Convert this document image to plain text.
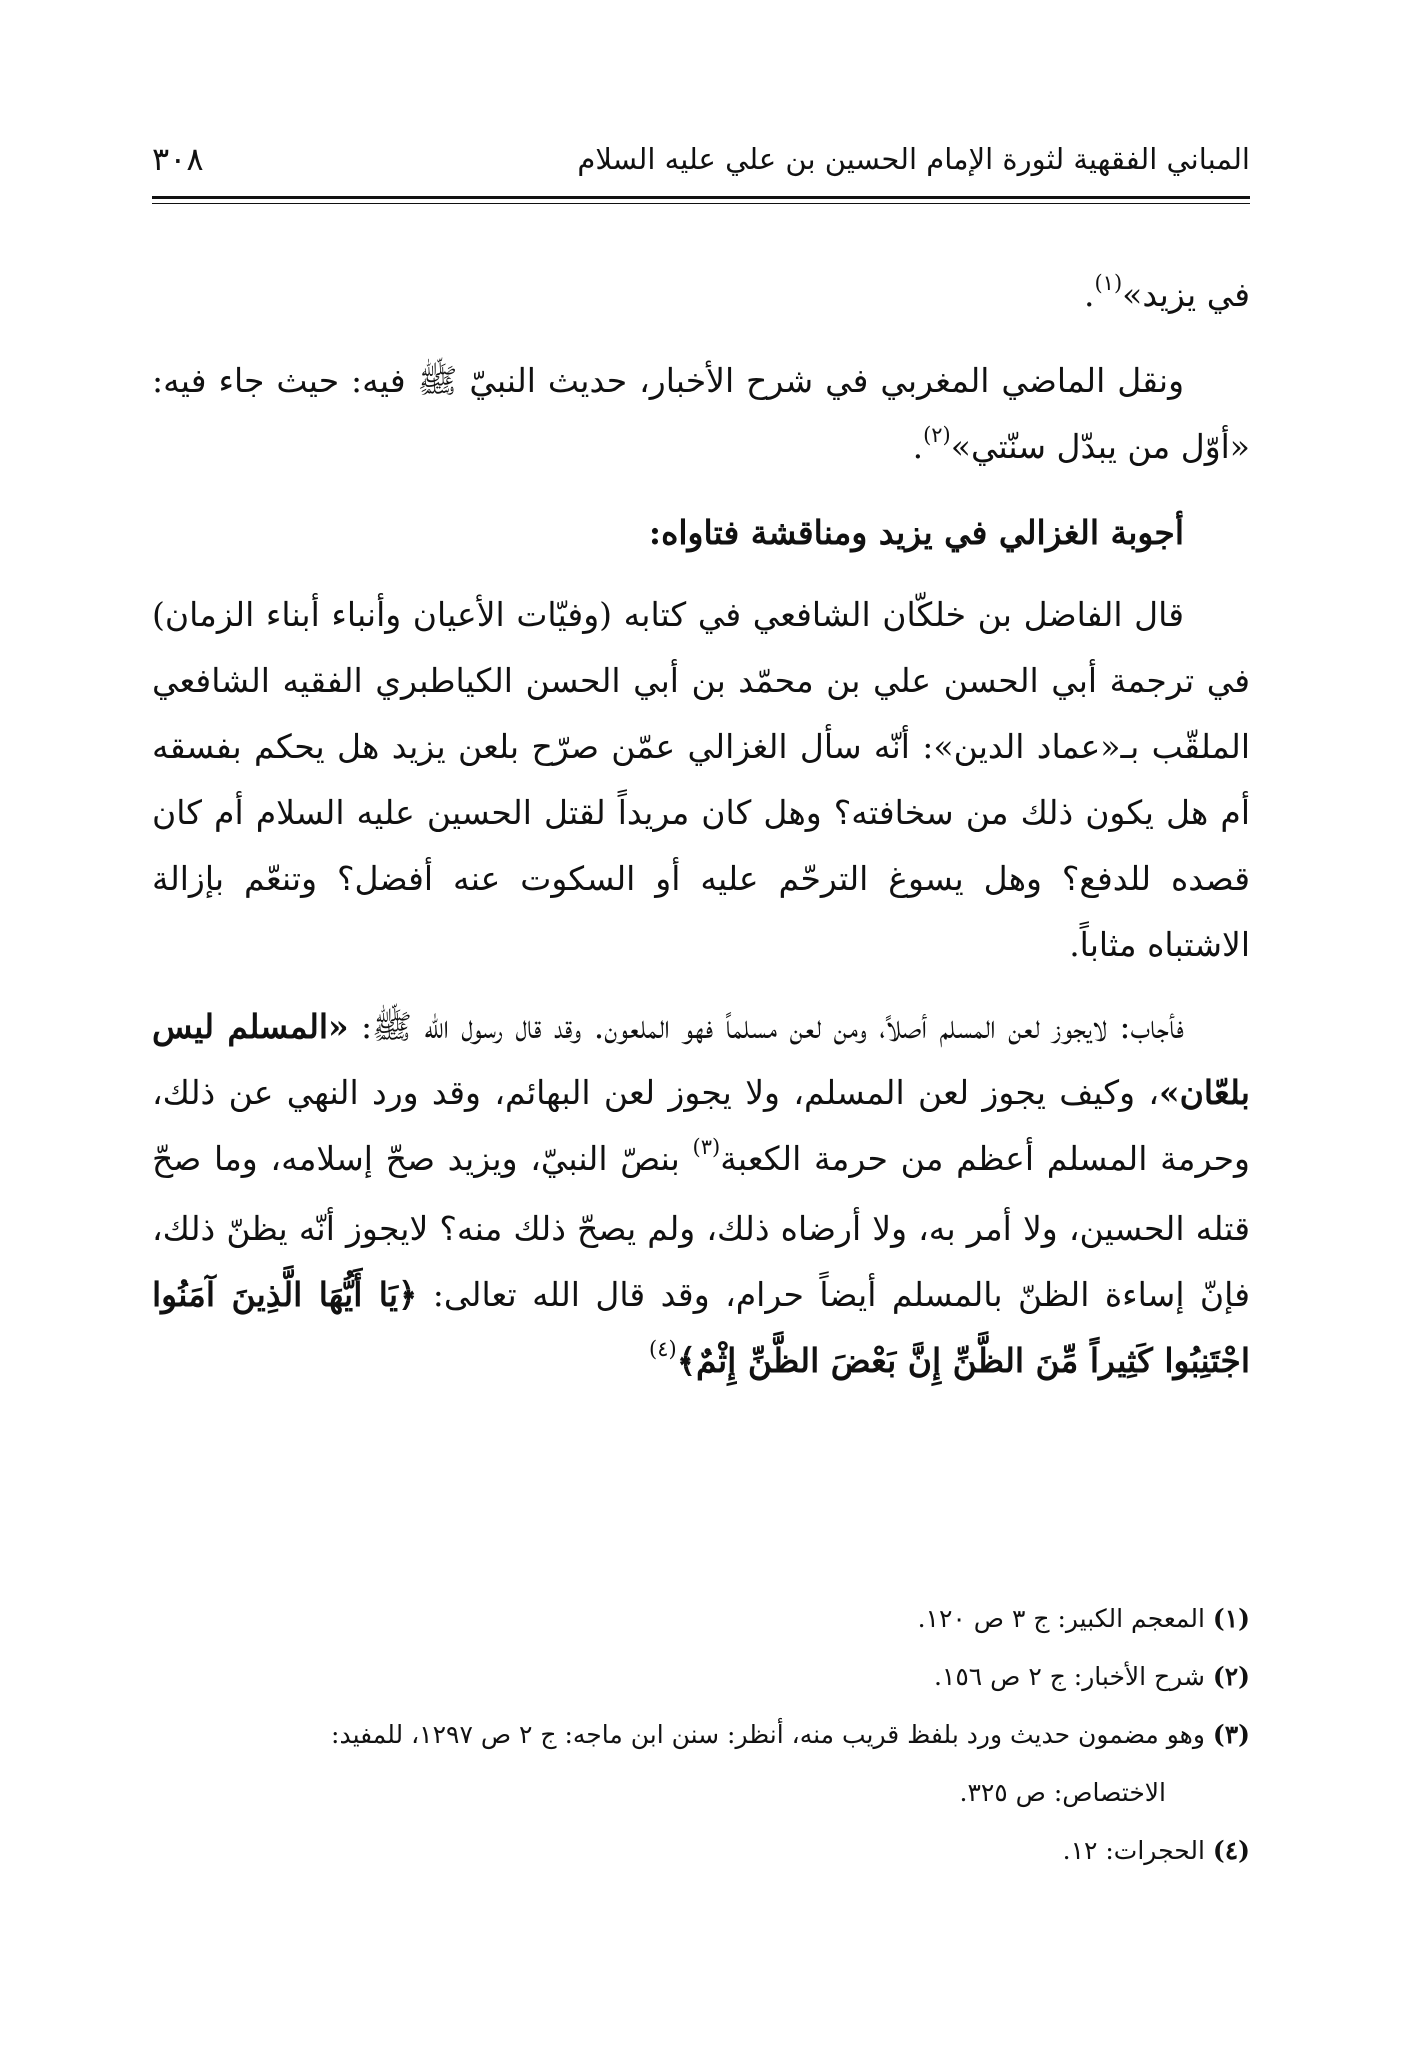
المباني الفقهية لثورة الإمام الحسين بن علي عليه السلام
٣٠٨

في يزيد»$^{(١)}$.

ونقل الماضي المغربي في شرح الأخبار، حديث النبيّ ﷺ فيه: حيث جاء فيه: «أوّل من يبدّل سنّتي»$^{(٢)}$.

أجوبة الغزالي في يزيد ومناقشة فتاواه:

قال الفاضل بن خلكّان الشافعي في كتابه (وفيّات الأعيان وأنباء أبناء الزمان) في ترجمة أبي الحسن علي بن محمّد بن أبي الحسن الكياطبري الفقيه الشافعي الملقّب بـ«عماد الدين»: أنّه سأل الغزالي عمّن صرّح بلعن يزيد هل يحكم بفسقه أم هل يكون ذلك من سخافته؟ وهل كان مريداً لقتل الحسين عليه السلام أم كان قصده للدفع؟ وهل يسوغ الترحّم عليه أو السكوت عنه أفضل؟ وتنعّم بإزالة الاشتباه مثاباً.

فأجاب: لايجوز لعن المسلم أصلاً، ومن لعن مسلماً فهو الملعون. وقد قال رسول الله ﷺ: «المسلم ليس بلعّان»، وكيف يجوز لعن المسلم، ولا يجوز لعن البهائم، وقد ورد النهي عن ذلك، وحرمة المسلم أعظم من حرمة الكعبة$^{(٣)}$ بنصّ النبيّ، ويزيد صحّ إسلامه، وما صحّ قتله الحسين، ولا أمر به، ولا أرضاه ذلك، ولم يصحّ ذلك منه؟ لايجوز أنّه يظنّ ذلك، فإنّ إساءة الظنّ بالمسلم أيضاً حرام، وقد قال الله تعالى: ﴿يَا أَيُّهَا الَّذِينَ آمَنُوا اجْتَنِبُوا كَثِيراً مِّنَ الظَّنِّ إِنَّ بَعْضَ الظَّنِّ إِثْمٌ﴾$^{(٤)}$

(١) المعجم الكبير: ج ٣ ص ١٢٠.

(٢) شرح الأخبار: ج ٢ ص ١٥٦.

(٣) وهو مضمون حديث ورد بلفظ قريب منه، أنظر: سنن ابن ماجه: ج ٢ ص ١٢٩٧، للمفيد:

الاختصاص: ص ٣٢٥.

(٤) الحجرات: ١٢.
